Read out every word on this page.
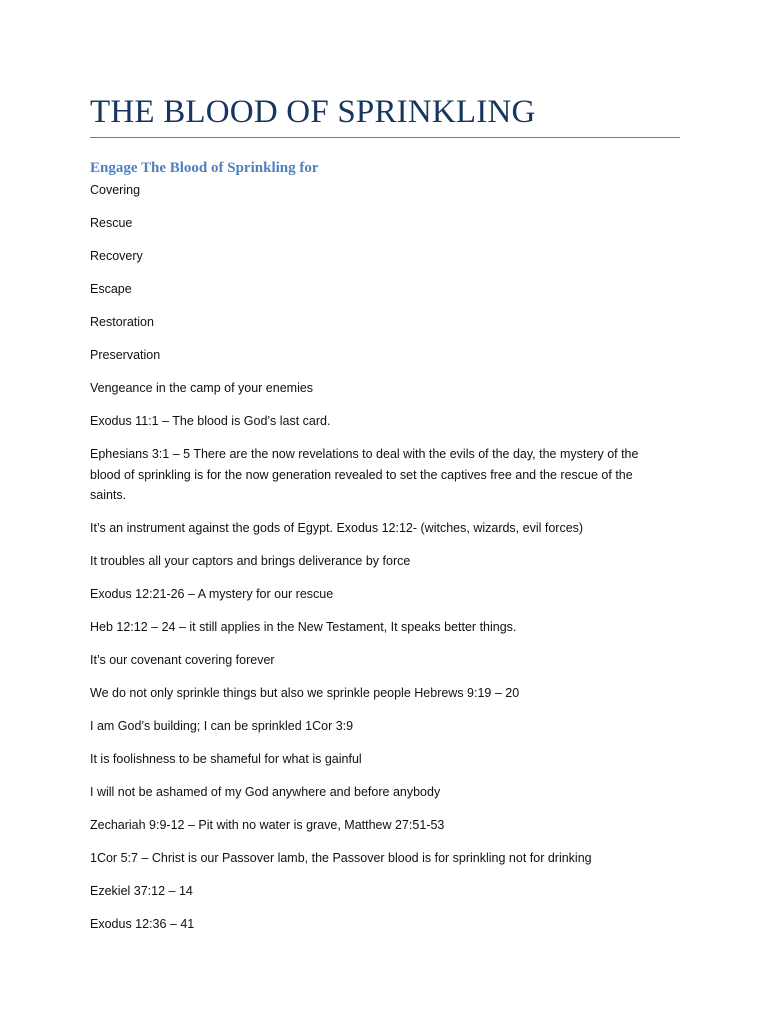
THE BLOOD OF SPRINKLING
Engage The Blood of Sprinkling for

Covering

Rescue

Recovery

Escape

Restoration

Preservation

Vengeance in the camp of your enemies

Exodus 11:1 – The blood is God’s last card.

Ephesians 3:1 – 5 There are the now revelations to deal with the evils of the day, the mystery of the blood of sprinkling is for the now generation revealed to set the captives free and the rescue of the saints.

It’s an instrument against the gods of Egypt. Exodus 12:12- (witches, wizards, evil forces)

It troubles all your captors and brings deliverance by force

Exodus 12:21-26 – A mystery for our rescue

Heb 12:12 – 24 – it still applies in the New Testament, It speaks better things.

It’s our covenant covering forever

We do not only sprinkle things but also we sprinkle people Hebrews 9:19 – 20

I am God’s building; I can be sprinkled 1Cor 3:9

It is foolishness to be shameful for what is gainful

I will not be ashamed of my God anywhere and before anybody

Zechariah 9:9-12 – Pit with no water is grave, Matthew 27:51-53

1Cor 5:7 – Christ is our Passover lamb, the Passover blood is for sprinkling not for drinking

Ezekiel 37:12 – 14

Exodus 12:36 – 41
